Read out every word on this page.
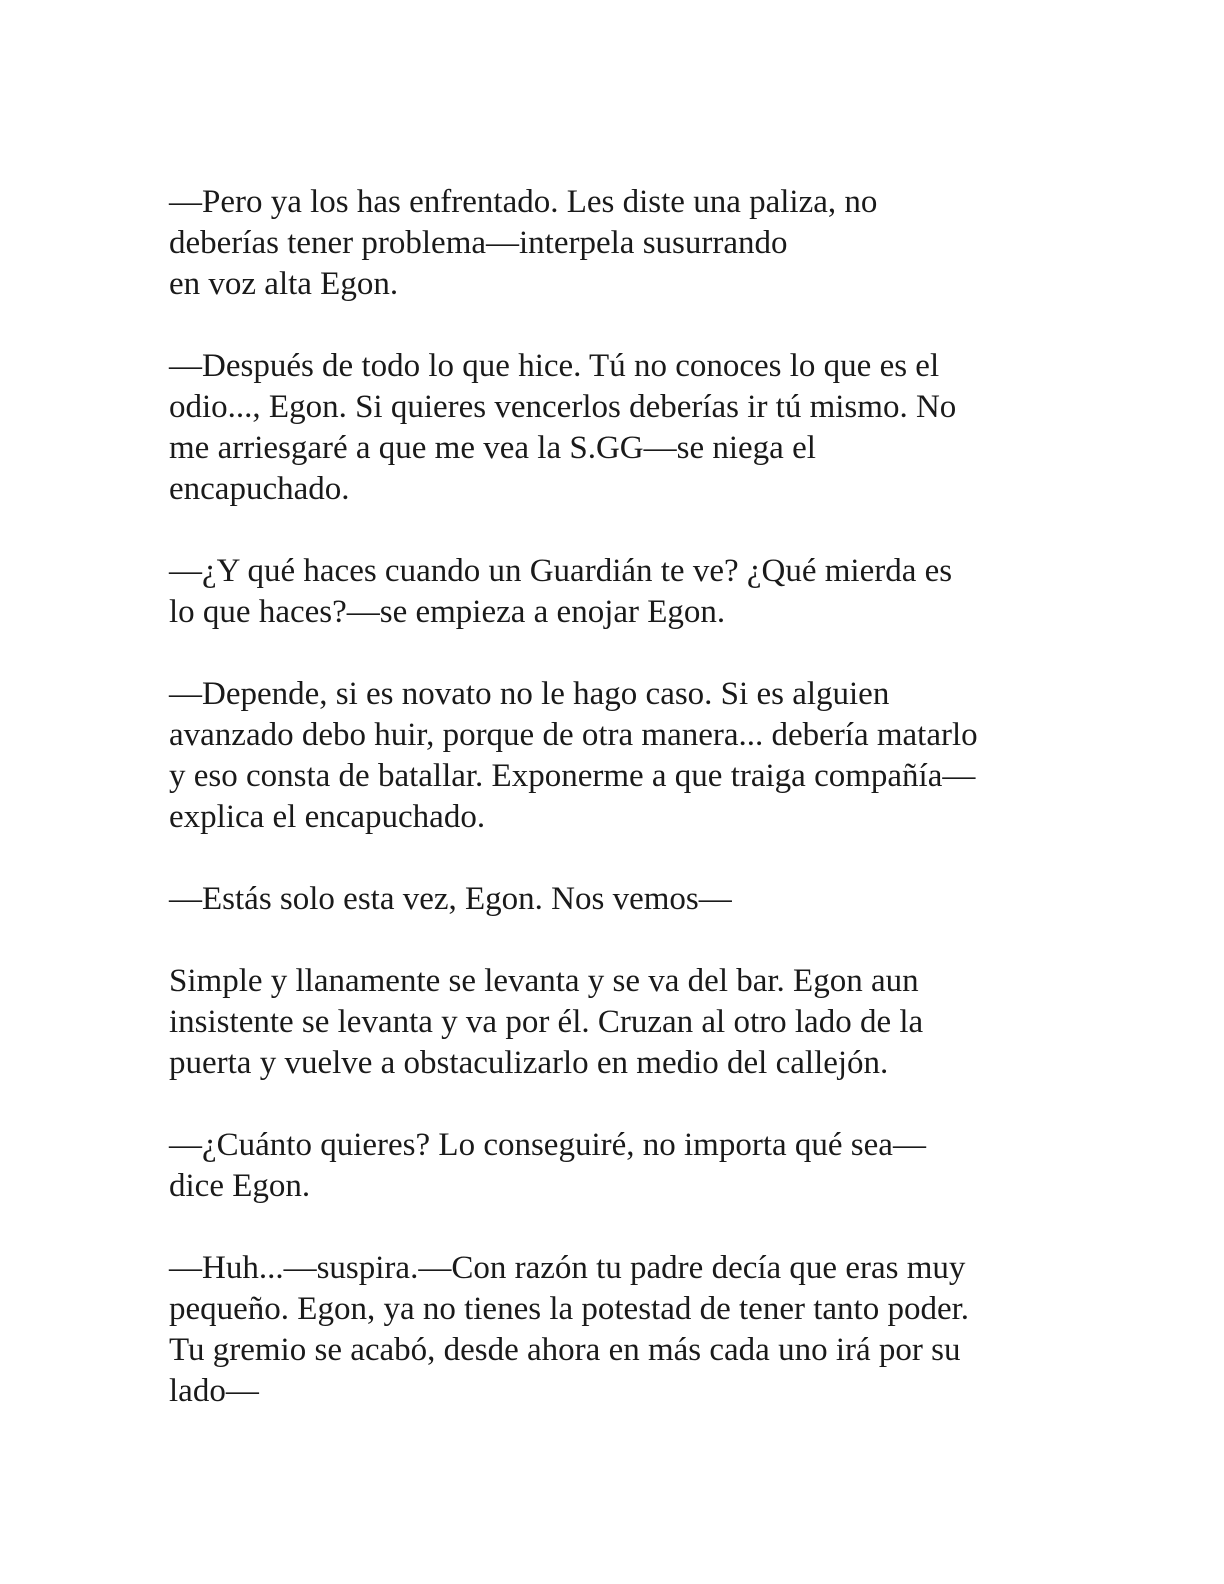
—Pero ya los has enfrentado. Les diste una paliza, no
deberías tener problema—interpela susurrando
en voz alta Egon.

—Después de todo lo que hice. Tú no conoces lo que es el
odio..., Egon. Si quieres vencerlos deberías ir tú mismo. No
me arriesgaré a que me vea la S.GG—se niega el
encapuchado.

—¿Y qué haces cuando un Guardián te ve? ¿Qué mierda es
lo que haces?—se empieza a enojar Egon.

—Depende, si es novato no le hago caso. Si es alguien
avanzado debo huir, porque de otra manera... debería matarlo
y eso consta de batallar. Exponerme a que traiga compañía—
explica el encapuchado.

—Estás solo esta vez, Egon. Nos vemos—

Simple y llanamente se levanta y se va del bar. Egon aun
insistente se levanta y va por él. Cruzan al otro lado de la
puerta y vuelve a obstaculizarlo en medio del callejón.

—¿Cuánto quieres? Lo conseguiré, no importa qué sea—
dice Egon.

—Huh...—suspira.—Con razón tu padre decía que eras muy
pequeño. Egon, ya no tienes la potestad de tener tanto poder.
Tu gremio se acabó, desde ahora en más cada uno irá por su
lado—
